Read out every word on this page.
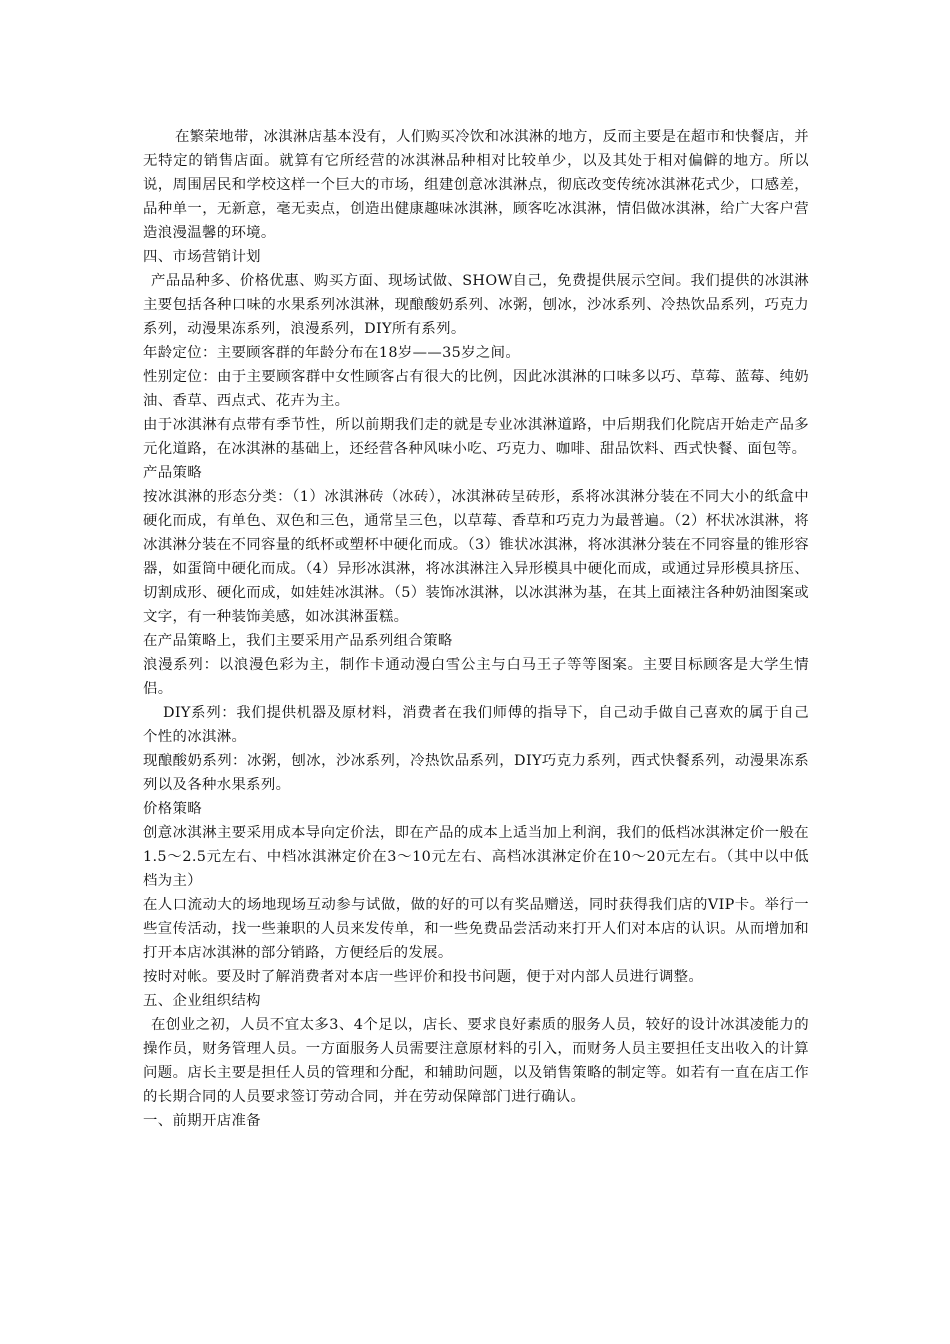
在繁荣地带，冰淇淋店基本没有，人们购买冷饮和冰淇淋的地方，反而主要是在超市和快餐店，并无特定的销售店面。就算有它所经营的冰淇淋品种相对比较单少，以及其处于相对偏僻的地方。所以说，周围居民和学校这样一个巨大的市场，组建创意冰淇淋点，彻底改变传统冰淇淋花式少，口感差，品种单一，无新意，毫无卖点，创造出健康趣味冰淇淋，顾客吃冰淇淋，情侣做冰淇淋，给广大客户营造浪漫温馨的环境。

四、市场营销计划

产品品种多、价格优惠、购买方面、现场试做、SHOW自己，免费提供展示空间。我们提供的冰淇淋主要包括各种口味的水果系列冰淇淋，现酿酸奶系列、冰粥，刨冰，沙冰系列、冷热饮品系列，巧克力系列，动漫果冻系列，浪漫系列，DIY所有系列。

年龄定位：主要顾客群的年龄分布在18岁——35岁之间。

性别定位：由于主要顾客群中女性顾客占有很大的比例，因此冰淇淋的口味多以巧、草莓、蓝莓、纯奶油、香草、西点式、花卉为主。

由于冰淇淋有点带有季节性，所以前期我们走的就是专业冰淇淋道路，中后期我们化院店开始走产品多元化道路，在冰淇淋的基础上，还经营各种风味小吃、巧克力、咖啡、甜品饮料、西式快餐、面包等。

产品策略

按冰淇淋的形态分类：（1）冰淇淋砖（冰砖），冰淇淋砖呈砖形，系将冰淇淋分装在不同大小的纸盒中硬化而成，有单色、双色和三色，通常呈三色，以草莓、香草和巧克力为最普遍。（2）杯状冰淇淋，将冰淇淋分装在不同容量的纸杯或塑杯中硬化而成。（3）锥状冰淇淋，将冰淇淋分装在不同容量的锥形容器，如蛋筒中硬化而成。（4）异形冰淇淋，将冰淇淋注入异形模具中硬化而成，或通过异形模具挤压、切割成形、硬化而成，如娃娃冰淇淋。（5）装饰冰淇淋，以冰淇淋为基，在其上面裱注各种奶油图案或文字，有一种装饰美感，如冰淇淋蛋糕。

在产品策略上，我们主要采用产品系列组合策略

浪漫系列：以浪漫色彩为主，制作卡通动漫白雪公主与白马王子等等图案。主要目标顾客是大学生情侣。

DIY系列：我们提供机器及原材料，消费者在我们师傅的指导下，自己动手做自己喜欢的属于自己个性的冰淇淋。

现酿酸奶系列：冰粥，刨冰，沙冰系列，冷热饮品系列，DIY巧克力系列，西式快餐系列，动漫果冻系列以及各种水果系列。

价格策略

创意冰淇淋主要采用成本导向定价法，即在产品的成本上适当加上利润，我们的低档冰淇淋定价一般在1.5～2.5元左右、中档冰淇淋定价在3～10元左右、高档冰淇淋定价在10～20元左右。（其中以中低档为主）

在人口流动大的场地现场互动参与试做，做的好的可以有奖品赠送，同时获得我们店的VIP卡。举行一些宣传活动，找一些兼职的人员来发传单，和一些免费品尝活动来打开人们对本店的认识。从而增加和打开本店冰淇淋的部分销路，方便经后的发展。

按时对帐。要及时了解消费者对本店一些评价和投书问题，便于对内部人员进行调整。

五、企业组织结构

在创业之初，人员不宜太多3、4个足以，店长、要求良好素质的服务人员，较好的设计冰淇凌能力的操作员，财务管理人员。一方面服务人员需要注意原材料的引入，而财务人员主要担任支出收入的计算问题。店长主要是担任人员的管理和分配，和辅助问题，以及销售策略的制定等。如若有一直在店工作的长期合同的人员要求签订劳动合同，并在劳动保障部门进行确认。

一、前期开店准备
